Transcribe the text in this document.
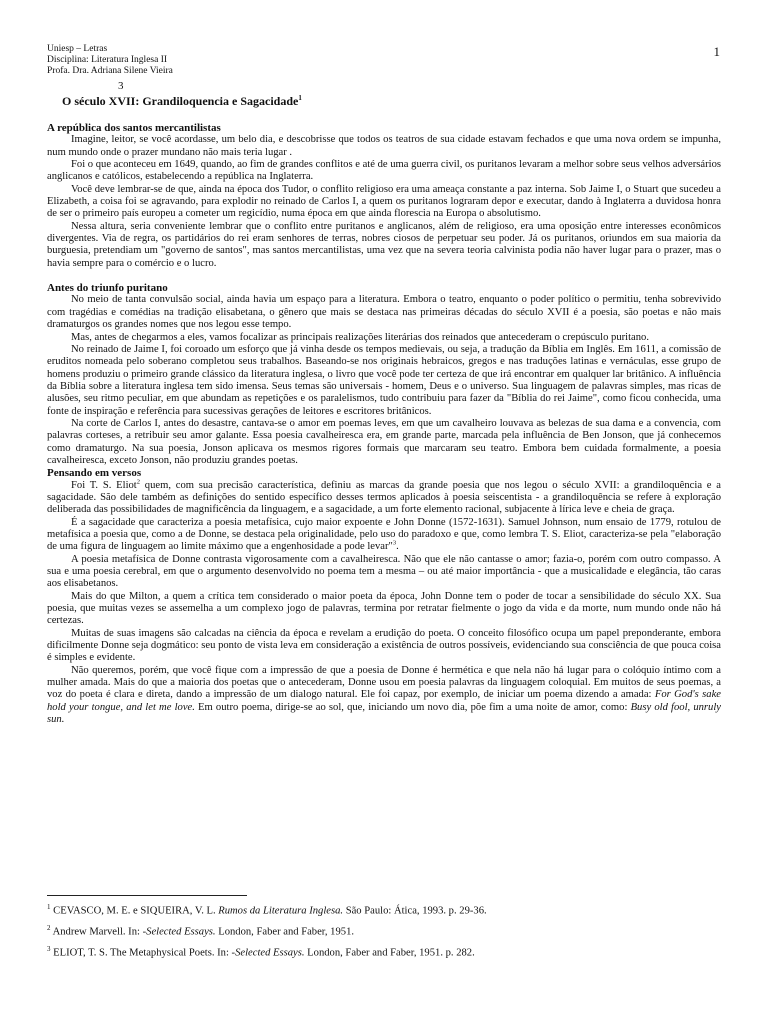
Uniesp – Letras
Disciplina: Literatura Inglesa II
Profa. Dra. Adriana Silene Vieira
1
3
O século XVII: Grandiloquencia e Sagacidade$^1$

A república dos santos mercantilistas

Imagine, leitor, se você acordasse, um belo dia, e descobrisse que todos os teatros de sua cidade estavam fechados e que uma nova ordem se impunha, num mundo onde o prazer mundano não mais teria lugar .

Foi o que aconteceu em 1649, quando, ao fim de grandes conflitos e até de uma guerra civil, os puritanos levaram a melhor sobre seus velhos adversários anglicanos e católicos, estabelecendo a república na Inglaterra.

Você deve lembrar-se de que, ainda na época dos Tudor, o conflito religioso era uma ameaça constante a paz interna. Sob Jaime I, o Stuart que sucedeu a Elizabeth, a coisa foi se agravando, para explodir no reinado de Carlos I, a quem os puritanos lograram depor e executar, dando à Inglaterra a duvidosa honra de ser o primeiro país europeu a cometer um regicídio, numa época em que ainda florescia na Europa o absolutismo.

Nessa altura, seria conveniente lembrar que o conflito entre puritanos e anglicanos, além de religioso, era uma oposição entre interesses econômicos divergentes. Via de regra, os partidários do rei eram senhores de terras, nobres ciosos de perpetuar seu poder. Já os puritanos, oriundos em sua maioria da burguesia, pretendiam um "governo de santos", mas santos mercantilistas, uma vez que na severa teoria calvinista podia não haver lugar para o prazer, mas o havia sempre para o comércio e o lucro.

Antes do triunfo puritano

No meio de tanta convulsão social, ainda havia um espaço para a literatura. Embora o teatro, enquanto o poder político o permitiu, tenha sobrevivido com tragédias e comédias na tradição elisabetana, o gênero que mais se destaca nas primeiras décadas do século XVII é a poesia, são poetas e não mais dramaturgos os grandes nomes que nos legou esse tempo.

Mas, antes de chegarmos a eles, vamos focalizar as principais realizações literárias dos reinados que antecederam o crepúsculo puritano.

No reinado de Jaime I, foi coroado um esforço que já vinha desde os tempos medievais, ou seja, a tradução da Bíblia em Inglês. Em 1611, a comissão de eruditos nomeada pelo soberano completou seus trabalhos. Baseando-se nos originais hebraicos, gregos e nas traduções latinas e vernáculas, esse grupo de homens produziu o primeiro grande clássico da literatura inglesa, o livro que você pode ter certeza de que irá encontrar em qualquer lar britânico. A influência da Bíblia sobre a literatura inglesa tem sido imensa. Seus temas são universais - homem, Deus e o universo. Sua linguagem de palavras simples, mas ricas de alusões, seu ritmo peculiar, em que abundam as repetições e os paralelismos, tudo contribuiu para fazer da "Bíblia do rei Jaime", como ficou conhecida, uma fonte de inspiração e referência para sucessivas gerações de leitores e escritores britânicos.

Na corte de Carlos I, antes do desastre, cantava-se o amor em poemas leves, em que um cavalheiro louvava as belezas de sua dama e a convencia, com palavras corteses, a retribuir seu amor galante. Essa poesia cavalheiresca era, em grande parte, marcada pela influência de Ben Jonson, que já conhecemos como dramaturgo. Na sua poesia, Jonson aplicava os mesmos rigores formais que marcaram seu teatro. Embora bem cuidada formalmente, a poesia cavalheiresca, exceto Jonson, não produziu grandes poetas.

Pensando em versos

Foi T. S. Eliot$^2$ quem, com sua precisão característica, definiu as marcas da grande poesia que nos legou o século XVII: a grandiloquência e a sagacidade. São dele também as definições do sentido específico desses termos aplicados à poesia seiscentista - a grandiloquência se refere à exploração deliberada das possibilidades de magnificência da linguagem, e a sagacidade, a um forte elemento racional, subjacente à lírica leve e cheia de graça.

É a sagacidade que caracteriza a poesia metafísica, cujo maior expoente e John Donne (1572-1631). Samuel Johnson, num ensaio de 1779, rotulou de metafísica a poesia que, como a de Donne, se destaca pela originalidade, pelo uso do paradoxo e que, como lembra T. S. Eliot, caracteriza-se pela "elaboração de uma figura de linguagem ao limite máximo que a engenhosidade a pode levar"$^3$.

A poesia metafísica de Donne contrasta vigorosamente com a cavalheiresca. Não que ele não cantasse o amor; fazia-o, porém com outro compasso. A sua e uma poesia cerebral, em que o argumento desenvolvido no poema tem a mesma – ou até maior importância - que a musicalidade e elegância, tão caras aos elisabetanos.

Mais do que Milton, a quem a crítica tem considerado o maior poeta da época, John Donne tem o poder de tocar a sensibilidade do século XX. Sua poesia, que muitas vezes se assemelha a um complexo jogo de palavras, termina por retratar fielmente o jogo da vida e da morte, num mundo onde não há certezas.

Muitas de suas imagens são calcadas na ciência da época e revelam a erudição do poeta. O conceito filosófico ocupa um papel preponderante, embora dificilmente Donne seja dogmático: seu ponto de vista leva em consideração a existência de outros possíveis, evidenciando sua consciência de que pouca coisa é simples e evidente.

Não queremos, porém, que você fique com a impressão de que a poesia de Donne é hermética e que nela não há lugar para o colóquio íntimo com a mulher amada. Mais do que a maioria dos poetas que o antecederam, Donne usou em poesia palavras da linguagem coloquial. Em muitos de seus poemas, a voz do poeta é clara e direta, dando a impressão de um dialogo natural. Ele foi capaz, por exemplo, de iniciar um poema dizendo a amada: For God's sake hold your tongue, and let me love. Em outro poema, dirige-se ao sol, que, iniciando um novo dia, põe fim a uma noite de amor, como: Busy old fool, unruly sun.

$^1$ CEVASCO, M. E. e SIQUEIRA, V. L. Rumos da Literatura Inglesa. São Paulo: Ática, 1993. p. 29-36.
$^2$ Andrew Marvell. In: -Selected Essays. London, Faber and Faber, 1951.
$^3$ ELIOT, T. S. The Metaphysical Poets. In: -Selected Essays. London, Faber and Faber, 1951. p. 282.
